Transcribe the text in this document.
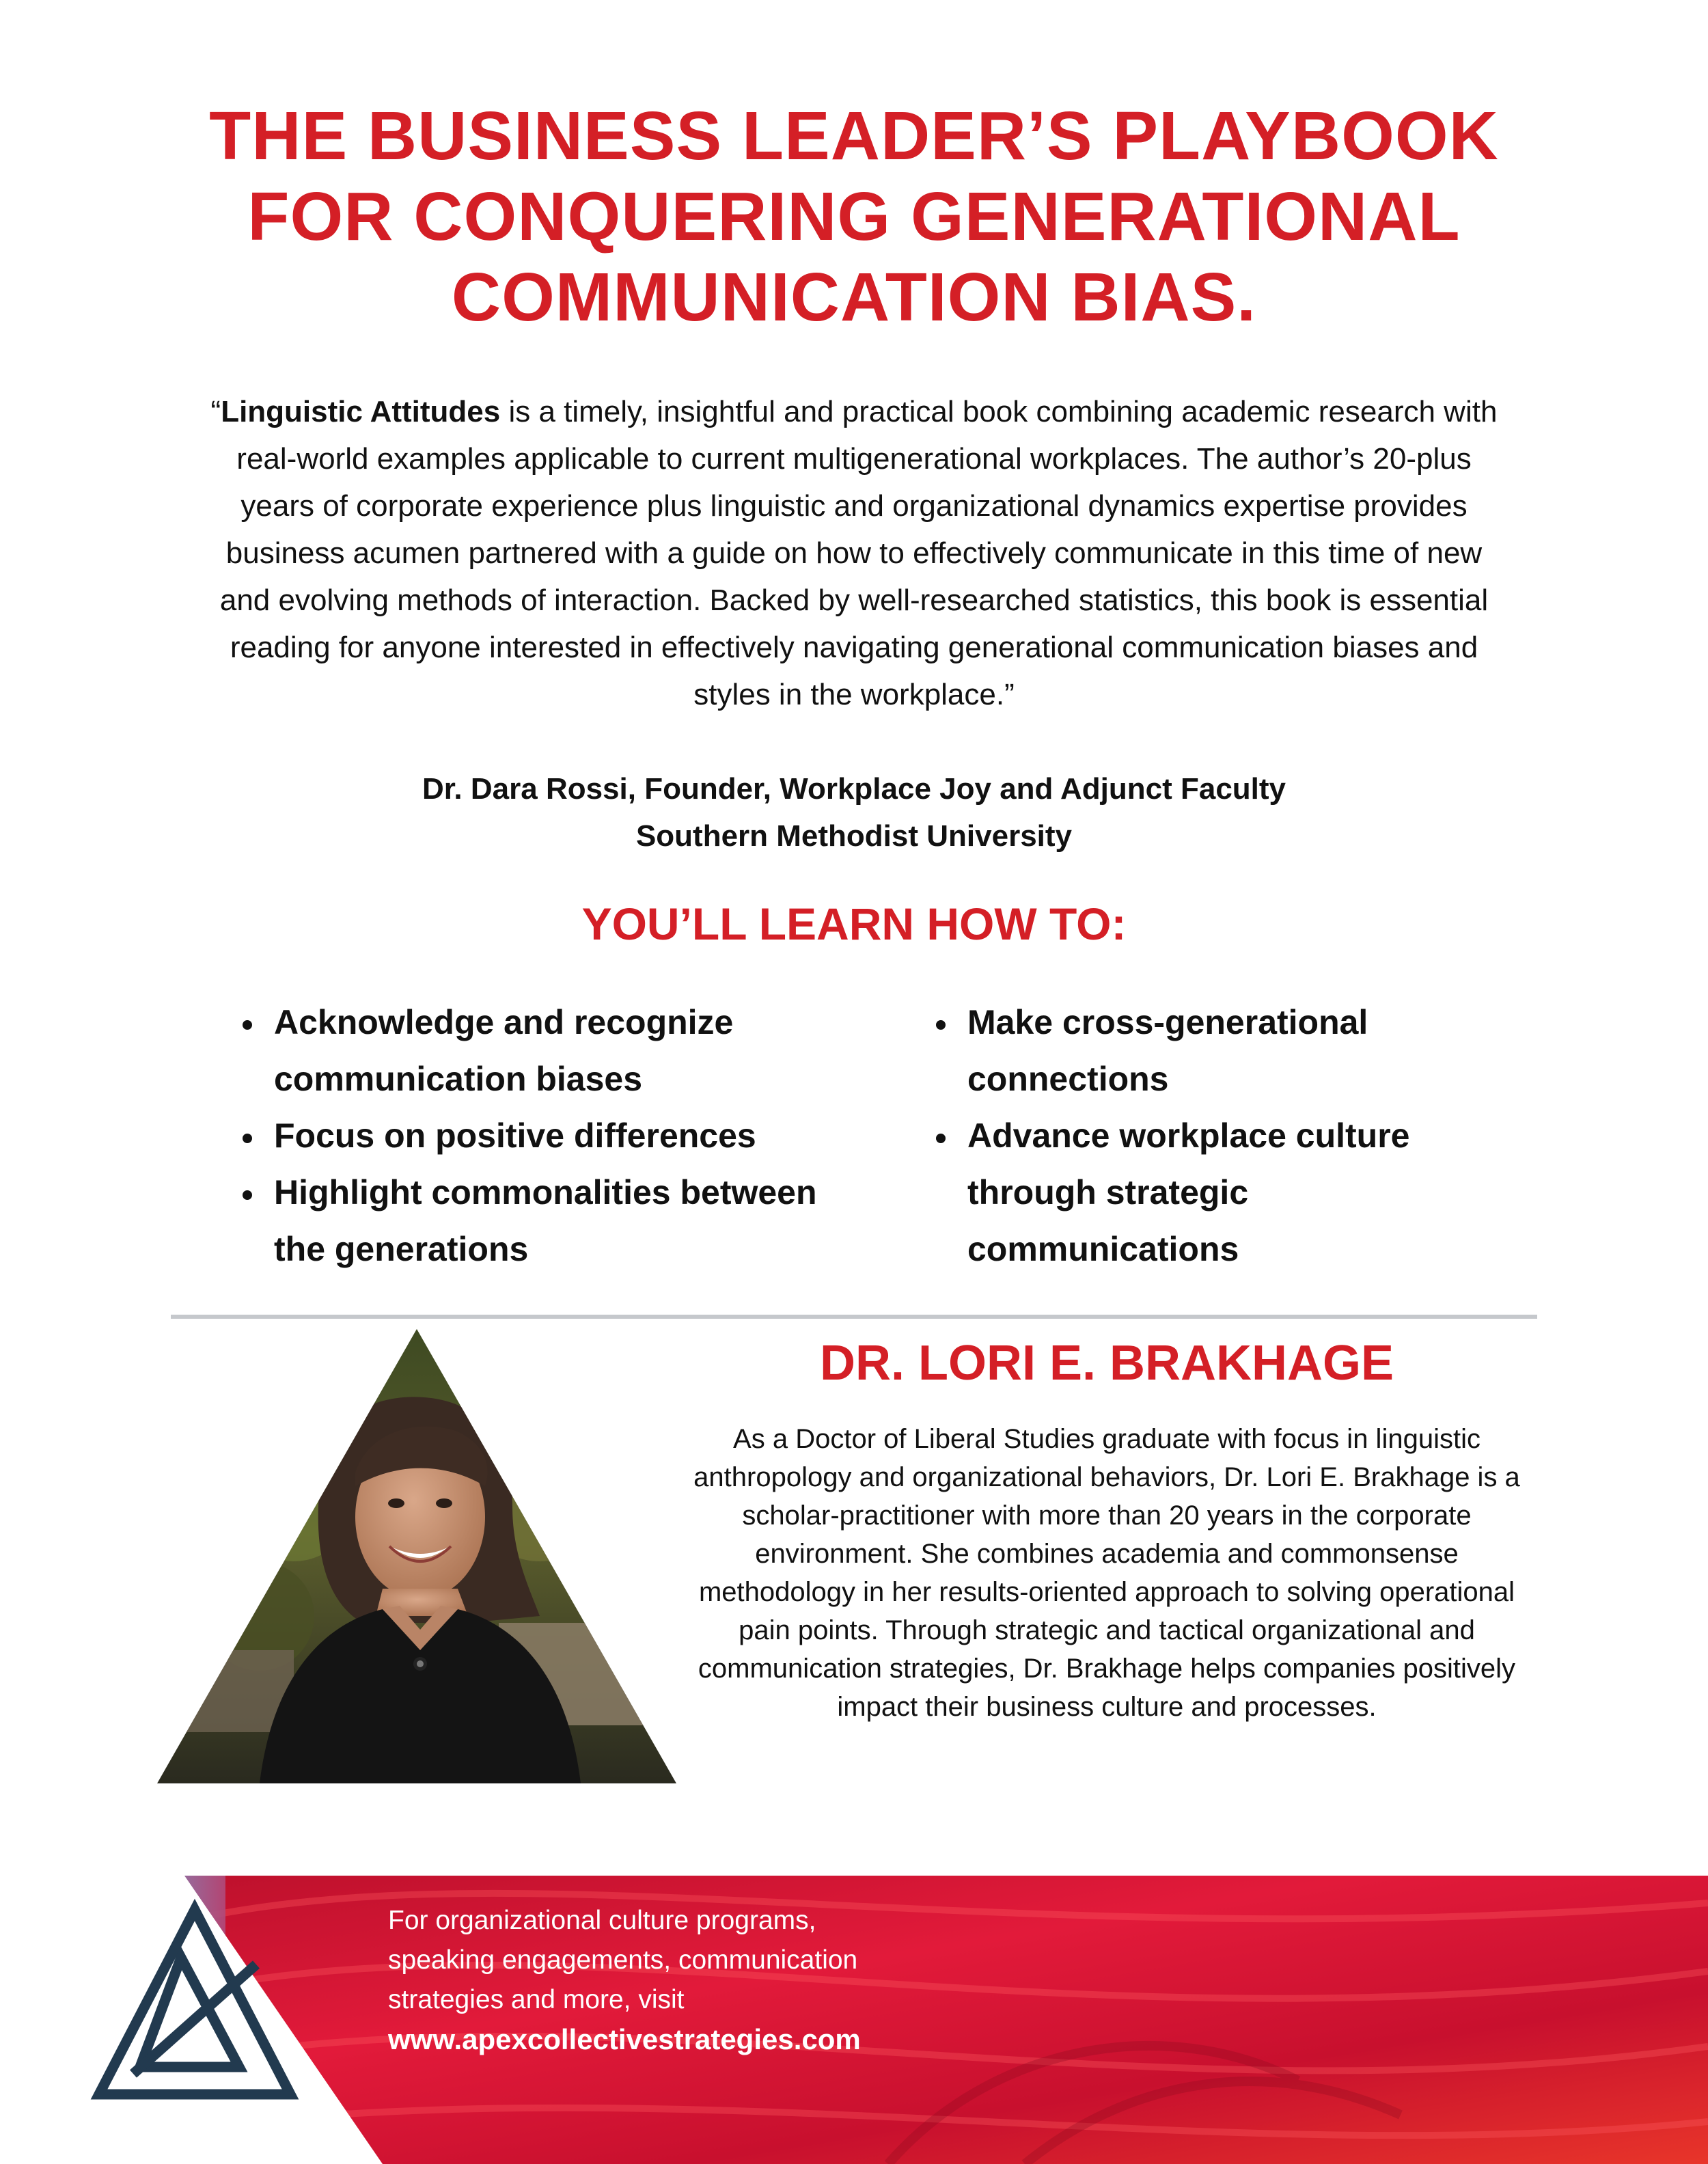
THE BUSINESS LEADER’S PLAYBOOK
FOR CONQUERING GENERATIONAL
COMMUNICATION BIAS.

“Linguistic Attitudes is a timely, insightful and practical book combining academic research with real-world examples applicable to current multigenerational workplaces. The author’s 20-plus years of corporate experience plus linguistic and organizational dynamics expertise provides business acumen partnered with a guide on how to effectively communicate in this time of new and evolving methods of interaction. Backed by well-researched statistics, this book is essential reading for anyone interested in effectively navigating generational communication biases and styles in the workplace.”

Dr. Dara Rossi, Founder, Workplace Joy and Adjunct Faculty
Southern Methodist University
YOU’LL LEARN HOW TO:
Acknowledge and recognize communication biases
Focus on positive differences
Highlight commonalities between the generations
Make cross-generational connections
Advance workplace culture through strategic communications
DR. LORI E. BRAKHAGE

As a Doctor of Liberal Studies graduate with focus in linguistic anthropology and organizational behaviors, Dr. Lori E. Brakhage is a scholar-practitioner with more than 20 years in the corporate environment. She combines academia and commonsense methodology in her results-oriented approach to solving operational pain points. Through strategic and tactical organizational and communication strategies, Dr. Brakhage helps companies positively impact their business culture and processes.

For organizational culture programs,
speaking engagements, communication
strategies and more, visit
www.apexcollectivestrategies.com
